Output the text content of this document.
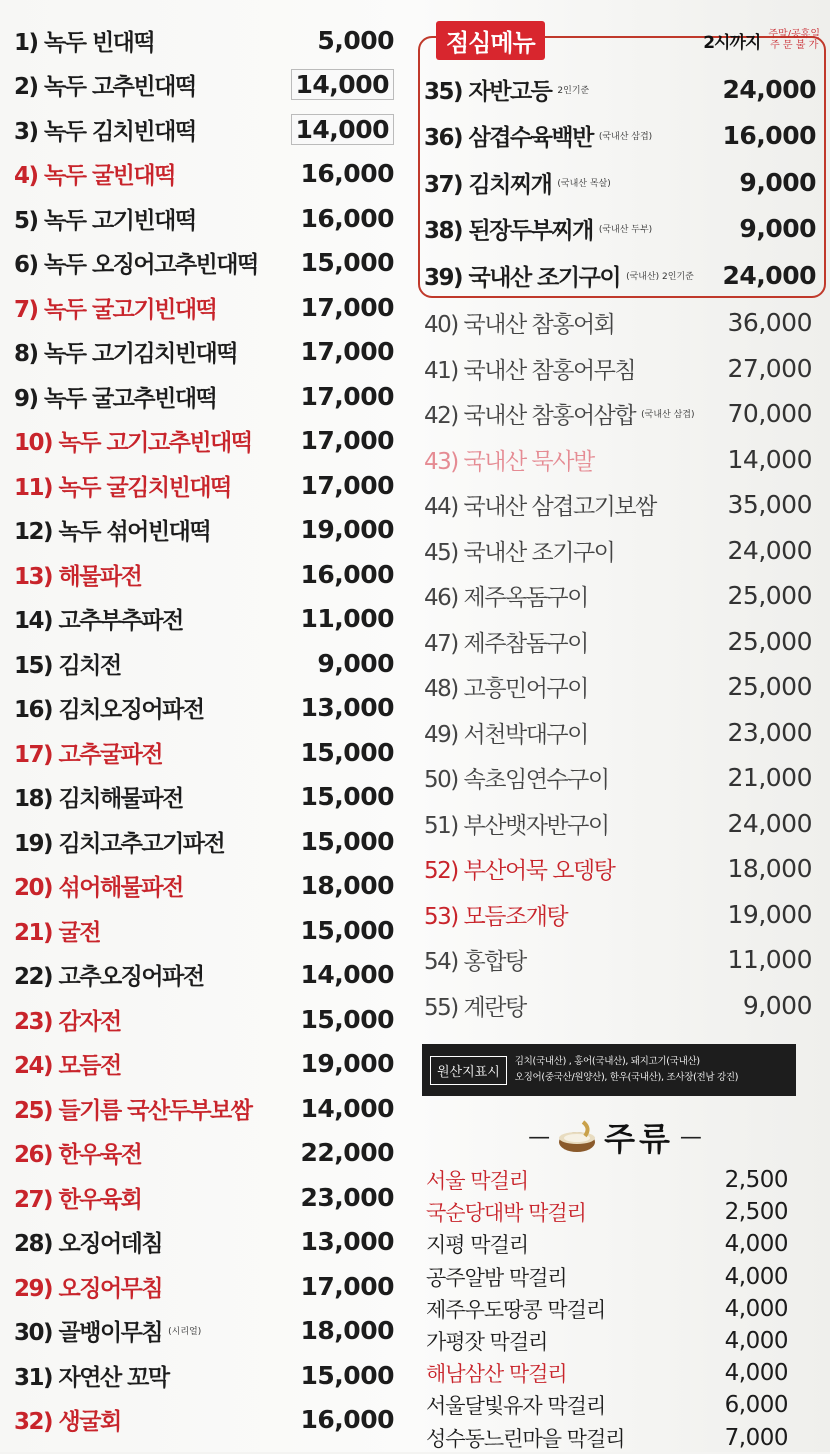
1) 녹두 빈대떡	5,000
2) 녹두 고추빈대떡	14,000
3) 녹두 김치빈대떡	14,000
4) 녹두 굴빈대떡	16,000
5) 녹두 고기빈대떡	16,000
6) 녹두 오징어고추빈대떡 15,000
7) 녹두 굴고기빈대떡	17,000
8) 녹두 고기김치빈대떡	17,000
9) 녹두 굴고추빈대떡	17,000
10) 녹두 고기고추빈대떡 17,000
11) 녹두 굴김치빈대떡	17,000
12) 녹두 섞어빈대떡	19,000
13) 해물파전	16,000
14) 고추부추파전	11,000
15) 김치전	9,000
16) 김치오징어파전	13,000
17) 고추굴파전	15,000
18) 김치해물파전	15,000
19) 김치고추고기파전	15,000
20) 섞어해물파전	18,000
21) 굴전	15,000
22) 고추오징어파전	14,000
23) 감자전	15,000
24) 모듬전	19,000
25) 들기름 국산두부보쌈 14,000
26) 한우육전	22,000
27) 한우육회	23,000
28) 오징어데침	13,000
29) 오징어무침	17,000
30) 골뱅이무침 (시리얼)	18,000
31) 자연산 꼬막	15,000
32) 생굴회	16,000
점심메뉴	2시까지 주말/공휴일
주 문 불 가
35) 자반고등 2인기준	24,000
36) 삼겹수육백반 (국내산 삼겹)	16,000
37) 김치찌개 (국내산 목살)	9,000
38) 된장두부찌개 (국내산 두부)	9,000
39) 국내산 조기구이 (국내산) 2인기준 24,000
40) 국내산 참홍어회	36,000
41) 국내산 참홍어무침	27,000
42) 국내산 참홍어삼합 (국내산 삼겹) 70,000
43) 국내산 묵사발	14,000
44) 국내산 삼겹고기보쌈	35,000
45) 국내산 조기구이	24,000
46) 제주옥돔구이	25,000
47) 제주참돔구이	25,000
48) 고흥민어구이	25,000
49) 서천박대구이	23,000
50) 속초임연수구이	21,000
51) 부산뱃자반구이	24,000
52) 부산어묵 오뎅탕	18,000
53) 모듬조개탕	19,000
54) 홍합탕	11,000
55) 계란탕	9,000
원산지표시
김치(국내산) , 홍어(국내산), 돼지고기(국내산)
오징어(중국산/원양산), 한우(국내산), 조사장(전남 강진)
— 주류 —
서울 막걸리	2,500
국순당대박 막걸리	2,500
지평 막걸리	4,000
공주알밤 막걸리	4,000
제주우도땅콩 막걸리	4,000
가평잣 막걸리	4,000
해남삼산 막걸리	4,000
서울달빛유자 막걸리	6,000
성수동느린마을 막걸리	7,000
